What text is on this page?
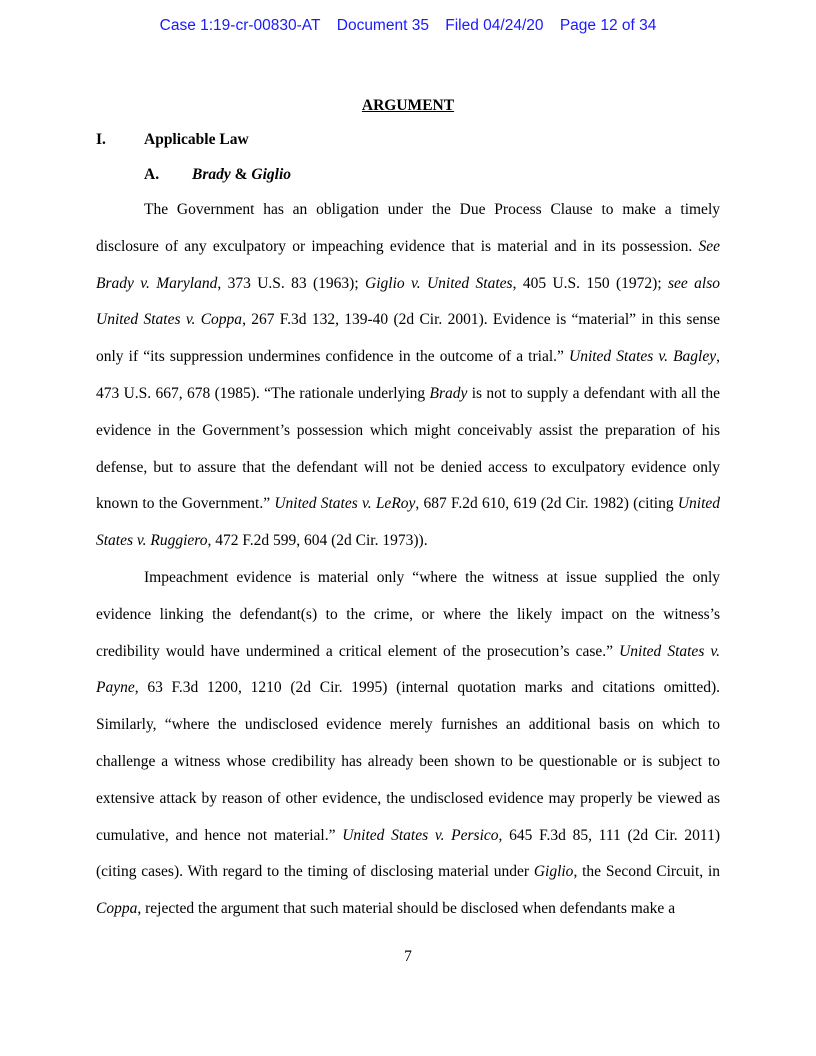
Case 1:19-cr-00830-AT Document 35 Filed 04/24/20 Page 12 of 34
ARGUMENT
I. Applicable Law
A. Brady & Giglio

The Government has an obligation under the Due Process Clause to make a timely disclosure of any exculpatory or impeaching evidence that is material and in its possession. See Brady v. Maryland, 373 U.S. 83 (1963); Giglio v. United States, 405 U.S. 150 (1972); see also United States v. Coppa, 267 F.3d 132, 139-40 (2d Cir. 2001). Evidence is “material” in this sense only if “its suppression undermines confidence in the outcome of a trial.” United States v. Bagley, 473 U.S. 667, 678 (1985). “The rationale underlying Brady is not to supply a defendant with all the evidence in the Government’s possession which might conceivably assist the preparation of his defense, but to assure that the defendant will not be denied access to exculpatory evidence only known to the Government.” United States v. LeRoy, 687 F.2d 610, 619 (2d Cir. 1982) (citing United States v. Ruggiero, 472 F.2d 599, 604 (2d Cir. 1973)).

Impeachment evidence is material only “where the witness at issue supplied the only evidence linking the defendant(s) to the crime, or where the likely impact on the witness’s credibility would have undermined a critical element of the prosecution’s case.” United States v. Payne, 63 F.3d 1200, 1210 (2d Cir. 1995) (internal quotation marks and citations omitted). Similarly, “where the undisclosed evidence merely furnishes an additional basis on which to challenge a witness whose credibility has already been shown to be questionable or is subject to extensive attack by reason of other evidence, the undisclosed evidence may properly be viewed as cumulative, and hence not material.” United States v. Persico, 645 F.3d 85, 111 (2d Cir. 2011) (citing cases). With regard to the timing of disclosing material under Giglio, the Second Circuit, in Coppa, rejected the argument that such material should be disclosed when defendants make a

7
